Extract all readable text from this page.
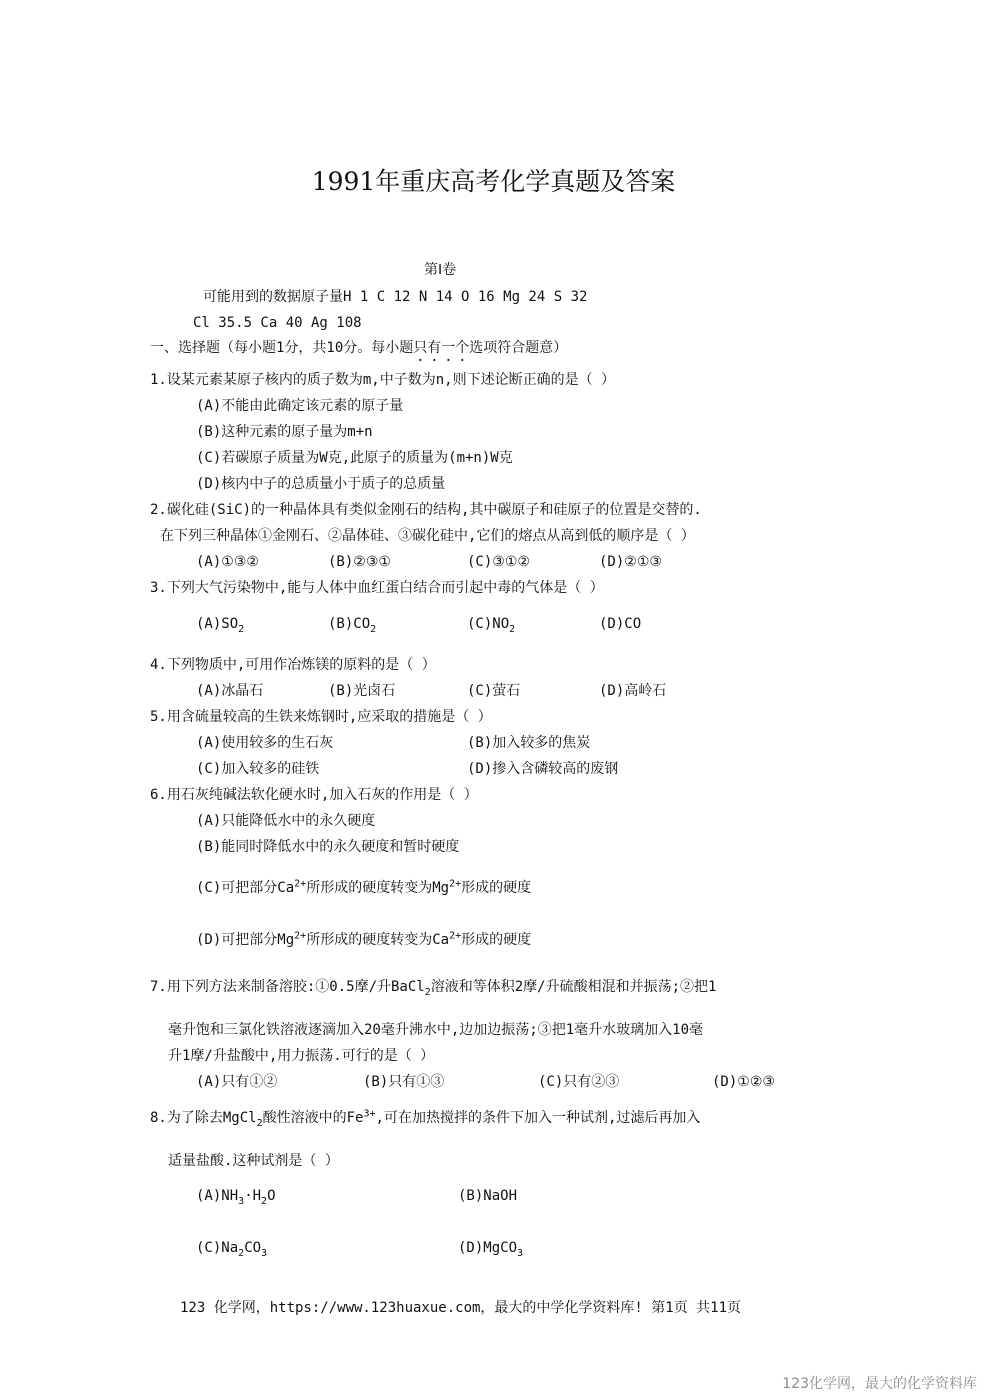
1991年重庆高考化学真题及答案
第Ⅰ卷
可能用到的数据原子量H 1 C 12 N 14 O 16 Mg 24 S 32
Cl 35.5 Ca 40 Ag 108
一、选择题（每小题1分，共10分。每小题只有一个选项符合题意）
1.设某元素某原子核内的质子数为m,中子数为n,则下述论断正确的是（ ）
(A)不能由此确定该元素的原子量
(B)这种元素的原子量为m+n
(C)若碳原子质量为W克,此原子的质量为(m+n)W克
(D)核内中子的总质量小于质子的总质量
2.碳化硅(SiC)的一种晶体具有类似金刚石的结构,其中碳原子和硅原子的位置是交替的.
在下列三种晶体①金刚石、②晶体硅、③碳化硅中,它们的熔点从高到低的顺序是（ ）
(A)①③②	(B)②③①	(C)③①②	(D)②①③
3.下列大气污染物中,能与人体中血红蛋白结合而引起中毒的气体是（ ）
$(A)SO_2$	$(B)CO_2$	$(C)NO_2$	(D)CO
4.下列物质中,可用作冶炼镁的原料的是（ ）
(A)冰晶石	(B)光卤石	(C)萤石	(D)高岭石
5.用含硫量较高的生铁来炼钢时,应采取的措施是（ ）
(A)使用较多的生石灰	(B)加入较多的焦炭
(C)加入较多的硅铁	(D)掺入含磷较高的废钢
6.用石灰纯碱法软化硬水时,加入石灰的作用是（ ）
(A)只能降低水中的永久硬度
(B)能同时降低水中的永久硬度和暂时硬度
(C)可把部分$Ca^{2+}$所形成的硬度转变为$Mg^{2+}$形成的硬度
(D)可把部分$Mg^{2+}$所形成的硬度转变为$Ca^{2+}$形成的硬度
7.用下列方法来制备溶胶:①0.5摩/升BaCl$_2$溶液和等体积2摩/升硫酸相混和并振荡;②把1
毫升饱和三氯化铁溶液逐滴加入20毫升沸水中,边加边振荡;③把1毫升水玻璃加入10毫
升1摩/升盐酸中,用力振荡.可行的是（ ）
(A)只有①②	(B)只有①③	(C)只有②③	(D)①②③
8.为了除去MgCl$_2$酸性溶液中的$Fe^{3+}$,可在加热搅拌的条件下加入一种试剂,过滤后再加入
适量盐酸.这种试剂是（ ）
$(A)NH_3\cdot H_2O$	(B)NaOH
$(C)Na_2CO_3$	(D)MgCO$_3$
123 化学网，https://www.123huaxue.com，最大的中学化学资料库! 第1页 共11页
123化学网，最大的化学资料库
